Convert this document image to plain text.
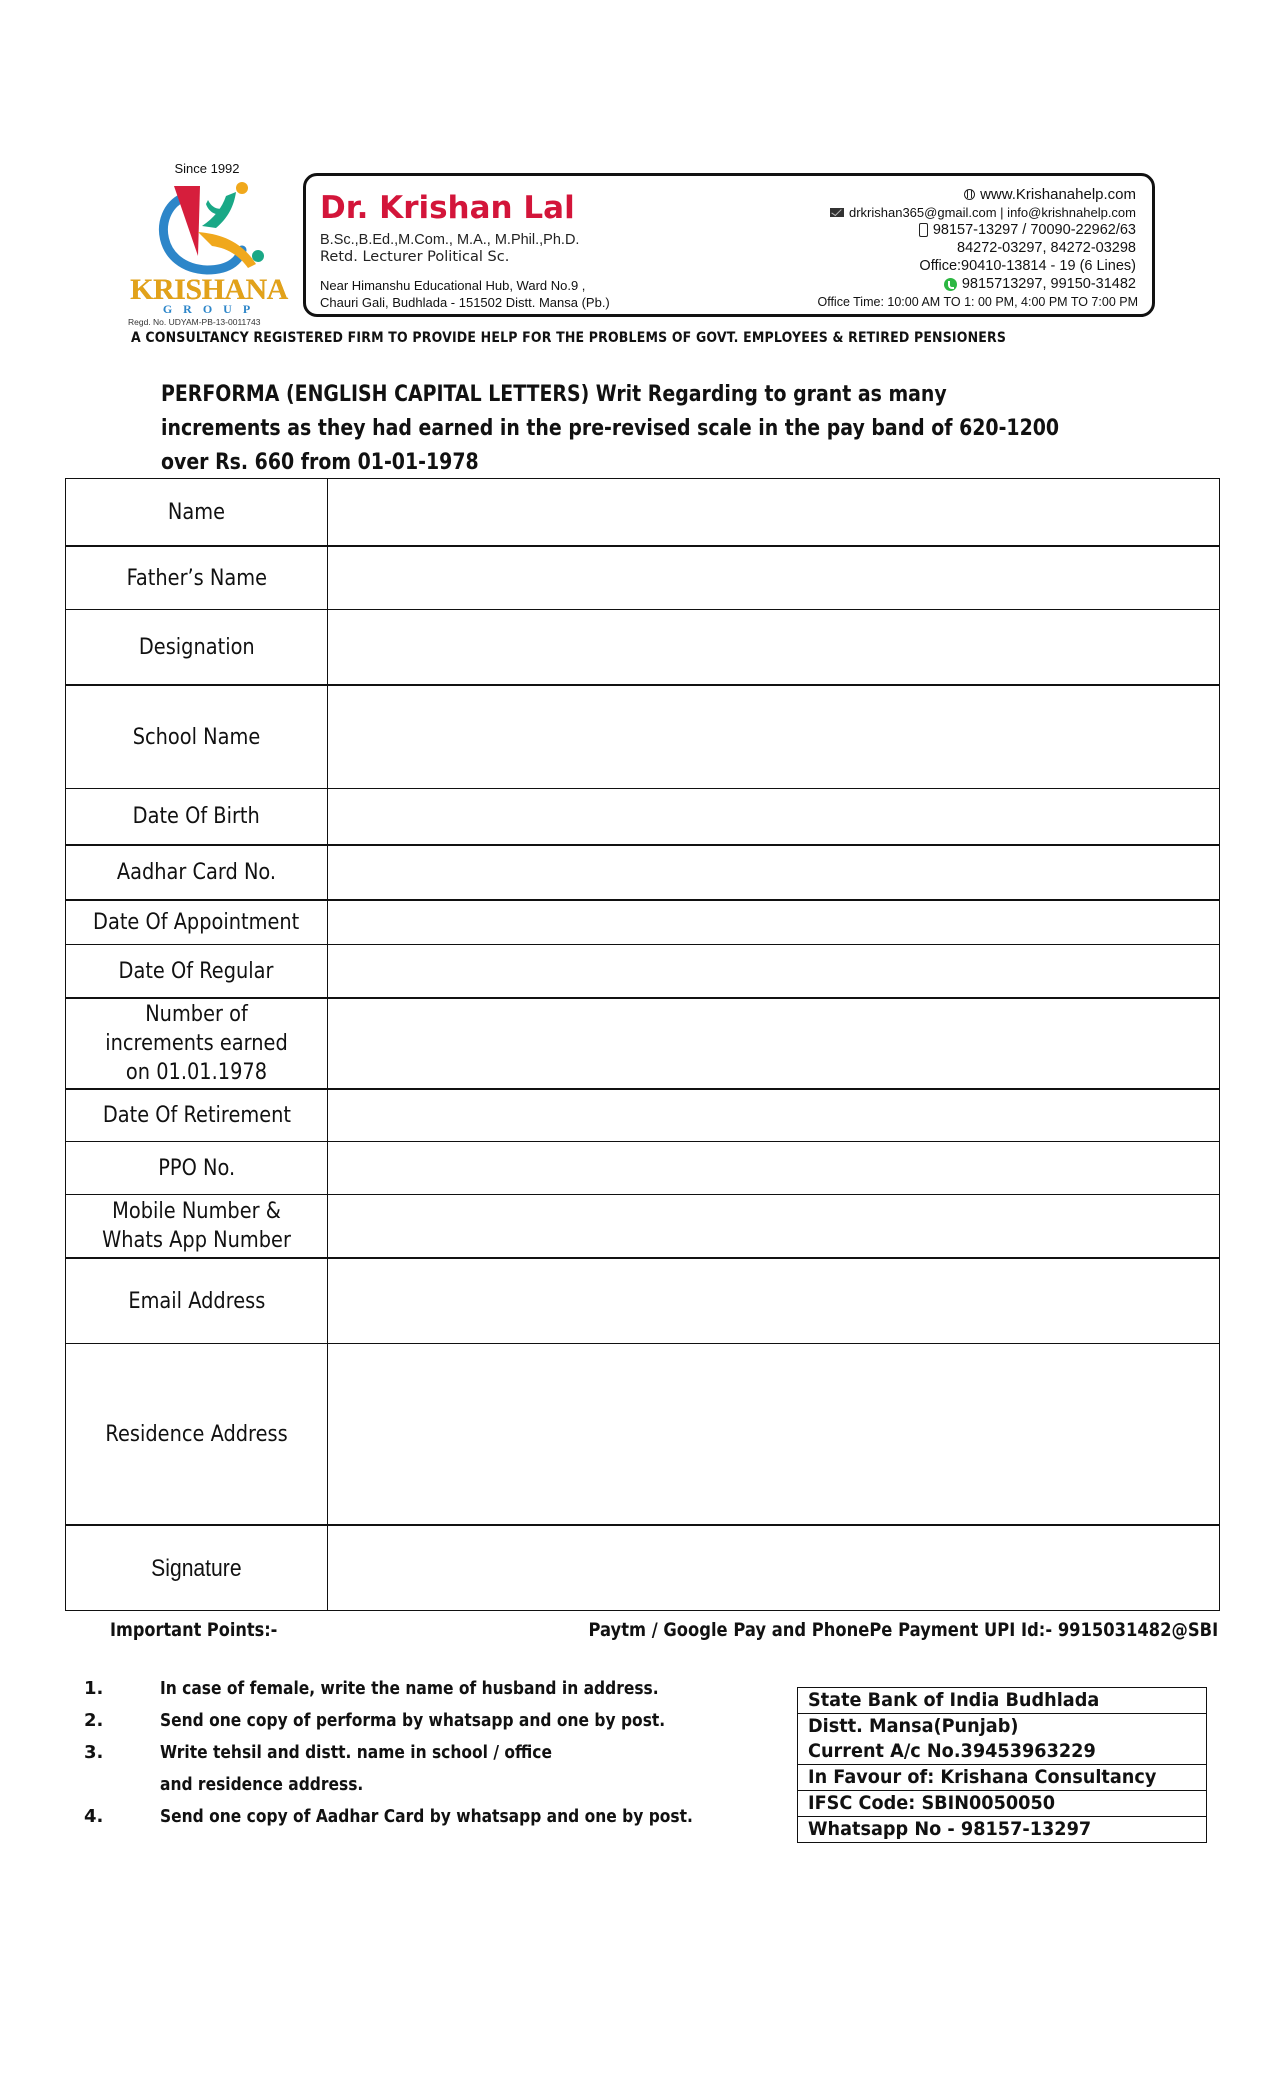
Since 1992
KRISHANA
GROUP
Regd. No. UDYAM-PB-13-0011743
Dr. Krishan Lal
B.Sc.,B.Ed.,M.Com., M.A., M.Phil.,Ph.D.
Retd. Lecturer Political Sc.
Near Himanshu Educational Hub, Ward No.9 ,
Chauri Gali, Budhlada - 151502 Distt. Mansa (Pb.)
www.Krishanahelp.com
drkrishan365@gmail.com | info@krishnahelp.com
98157-13297 / 70090-22962/63
84272-03297, 84272-03298
Office:90410-13814 - 19 (6 Lines)
9815713297, 99150-31482
Office Time: 10:00 AM TO 1: 00 PM, 4:00 PM TO 7:00 PM
A CONSULTANCY REGISTERED FIRM TO PROVIDE HELP FOR THE PROBLEMS OF GOVT. EMPLOYEES & RETIRED PENSIONERS
PERFORMA (ENGLISH CAPITAL LETTERS) Writ Regarding to grant as many
increments as they had earned in the pre-revised scale in the pay band of 620-1200
over Rs. 660 from 01-01-1978
Name
Father’s Name
Designation
School Name
Date Of Birth
Aadhar Card No.
Date Of Appointment
Date Of Regular
Number of increments earned on 01.01.1978
Date Of Retirement
PPO No.
Mobile Number & Whats App Number
Email Address
Residence Address
Signature
Important Points:-	Paytm / Google Pay and PhonePe Payment UPI Id:- 9915031482@SBI
1.	In case of female, write the name of husband in address.
2.	Send one copy of performa by whatsapp and one by post.
3.	Write tehsil and distt. name in school / office and residence address.
4.	Send one copy of Aadhar Card by whatsapp and one by post.
State Bank of India Budhlada
Distt. Mansa(Punjab)
Current A/c No.39453963229
In Favour of: Krishana Consultancy
IFSC Code: SBIN0050050
Whatsapp No - 98157-13297
